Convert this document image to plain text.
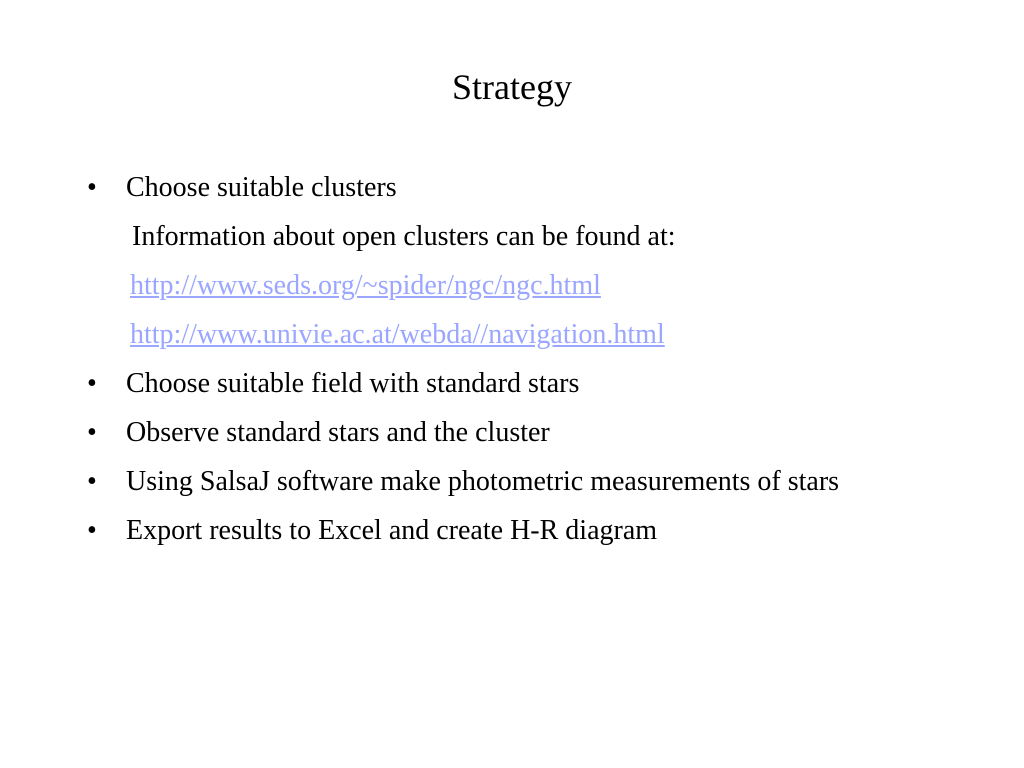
Strategy
• Choose suitable clusters
Information about open clusters can be found at:
http://www.seds.org/~spider/ngc/ngc.html
http://www.univie.ac.at/webda//navigation.html
• Choose suitable field with standard stars
• Observe standard stars and the cluster
• Using SalsaJ software make photometric measurements of stars
• Export results to Excel and create H-R diagram
